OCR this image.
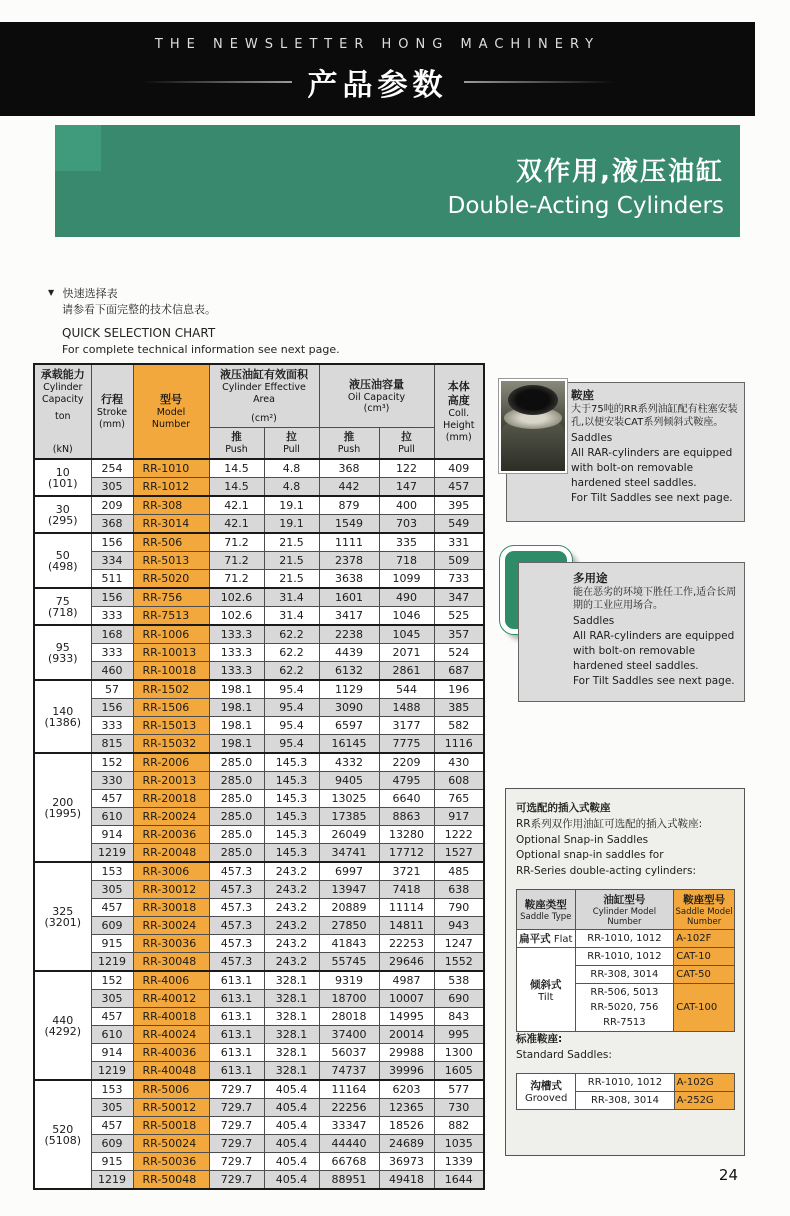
THE NEWSLETTER HONG MACHINERY
产品参数
双作用,液压油缸
Double-Acting Cylinders
▼ 快速选择表
请参看下面完整的技术信息表。
QUICK SELECTION CHART
For complete technical information see next page.
承载能力
Cylinder
Capacity
ton
(kN)

行程
Stroke
(mm)

型号
Model
Number

液压油缸有效面积
Cylinder Effective
Area
(cm²)

液压油容量
Oil Capacity
(cm³)

本体
高度
Coll.
Height
(mm)

推
Push

拉
Pull

推
Push

拉
Pull

10
(101)	254	RR-1010	14.5	4.8	368	122	409
	305	RR-1012	14.5	4.8	442	147	457

30
(295)	209	RR-308	42.1	19.1	879	400	395
	368	RR-3014	42.1	19.1	1549	703	549

50
(498)	156	RR-506	71.2	21.5	1111	335	331
	334	RR-5013	71.2	21.5	2378	718	509
	511	RR-5020	71.2	21.5	3638	1099	733

75
(718)	156	RR-756	102.6	31.4	1601	490	347
	333	RR-7513	102.6	31.4	3417	1046	525

95
(933)	168	RR-1006	133.3	62.2	2238	1045	357
	333	RR-10013	133.3	62.2	4439	2071	524
	460	RR-10018	133.3	62.2	6132	2861	687

140
(1386)	57	RR-1502	198.1	95.4	1129	544	196
	156	RR-1506	198.1	95.4	3090	1488	385
	333	RR-15013	198.1	95.4	6597	3177	582
	815	RR-15032	198.1	95.4	16145	7775	1116

200
(1995)	152	RR-2006	285.0	145.3	4332	2209	430
	330	RR-20013	285.0	145.3	9405	4795	608
	457	RR-20018	285.0	145.3	13025	6640	765
	610	RR-20024	285.0	145.3	17385	8863	917
	914	RR-20036	285.0	145.3	26049	13280	1222
	1219	RR-20048	285.0	145.3	34741	17712	1527

325
(3201)	153	RR-3006	457.3	243.2	6997	3721	485
	305	RR-30012	457.3	243.2	13947	7418	638
	457	RR-30018	457.3	243.2	20889	11114	790
	609	RR-30024	457.3	243.2	27850	14811	943
	915	RR-30036	457.3	243.2	41843	22253	1247
	1219	RR-30048	457.3	243.2	55745	29646	1552

440
(4292)	152	RR-4006	613.1	328.1	9319	4987	538
	305	RR-40012	613.1	328.1	18700	10007	690
	457	RR-40018	613.1	328.1	28018	14995	843
	610	RR-40024	613.1	328.1	37400	20014	995
	914	RR-40036	613.1	328.1	56037	29988	1300
	1219	RR-40048	613.1	328.1	74737	39996	1605

520
(5108)	153	RR-5006	729.7	405.4	11164	6203	577
	305	RR-50012	729.7	405.4	22256	12365	730
	457	RR-50018	729.7	405.4	33347	18526	882
	609	RR-50024	729.7	405.4	44440	24689	1035
	915	RR-50036	729.7	405.4	66768	36973	1339
	1219	RR-50048	729.7	405.4	88951	49418	1644
鞍座
大于75吨的RR系列油缸配有柱塞安装孔,以便安装CAT系列倾斜式鞍座。
Saddles
All RAR-cylinders are equipped with bolt-on removable hardened steel saddles.
For Tilt Saddles see next page.
多用途
能在恶劣的环境下胜任工作,适合长周期的工业应用场合。
Saddles
All RAR-cylinders are equipped with bolt-on removable hardened steel saddles.
For Tilt Saddles see next page.

可选配的插入式鞍座

RR系列双作用油缸可选配的插入式鞍座:

Optional Snap-in Saddles

Optional snap-in saddles for

RR-Series double-acting cylinders:

鞍座类型
Saddle Type

油缸型号
Cylinder Model
Number

鞍座型号
Saddle Model
Number

扁平式 Flat	RR-1010, 1012	A-102F

倾斜式
Tilt	RR-1010, 1012	CAT-10

	RR-308, 3014	CAT-50

	RR-506, 5013
RR-5020, 756
RR-7513	CAT-100

标准鞍座:

Standard Saddles:

沟槽式
Grooved	RR-1010, 1012	A-102G
	RR-308, 3014	A-252G
24
